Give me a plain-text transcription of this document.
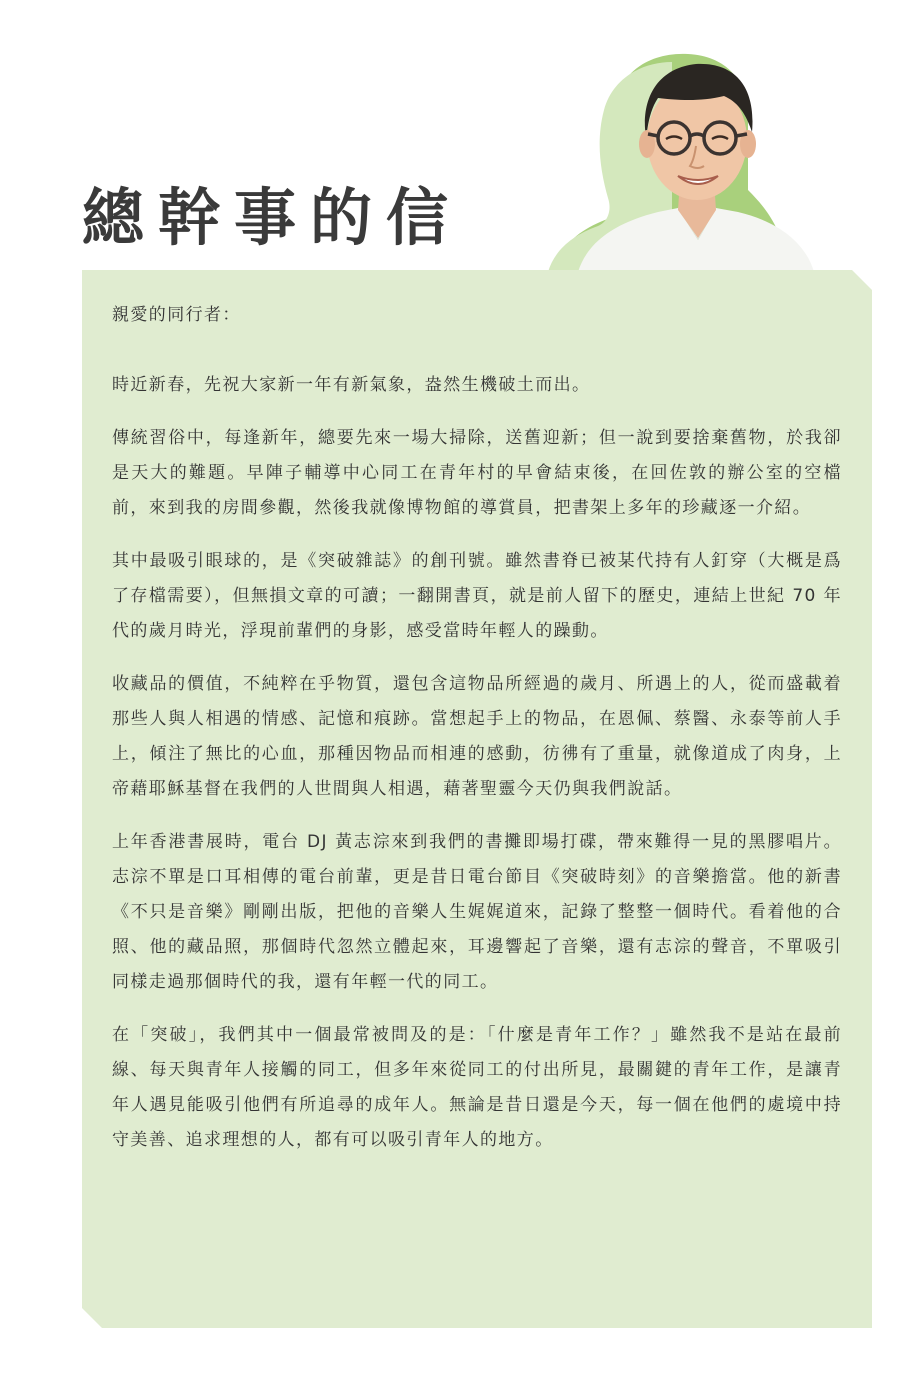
總幹事的信

親愛的同行者：

時近新春，先祝大家新一年有新氣象，盎然生機破土而出。

傳統習俗中，每逢新年，總要先來一場大掃除，送舊迎新；但一說到要捨棄舊物，於我卻是天大的難題。早陣子輔導中心同工在青年村的早會結束後，在回佐敦的辦公室的空檔前，來到我的房間參觀，然後我就像博物館的導賞員，把書架上多年的珍藏逐一介紹。

其中最吸引眼球的，是《突破雜誌》的創刊號。雖然書脊已被某代持有人釘穿（大概是爲了存檔需要），但無損文章的可讀；一翻開書頁，就是前人留下的歷史，連結上世紀 70 年代的歲月時光，浮現前輩們的身影，感受當時年輕人的躁動。

收藏品的價值，不純粹在乎物質，還包含這物品所經過的歲月、所遇上的人，從而盛載着那些人與人相遇的情感、記憶和痕跡。當想起手上的物品，在恩佩、蔡醫、永泰等前人手上，傾注了無比的心血，那種因物品而相連的感動，彷彿有了重量，就像道成了肉身，上帝藉耶穌基督在我們的人世間與人相遇，藉著聖靈今天仍與我們說話。

上年香港書展時，電台 DJ 黃志淙來到我們的書攤即場打碟，帶來難得一見的黑膠唱片。志淙不單是口耳相傳的電台前輩，更是昔日電台節目《突破時刻》的音樂擔當。他的新書《不只是音樂》剛剛出版，把他的音樂人生娓娓道來，記錄了整整一個時代。看着他的合照、他的藏品照，那個時代忽然立體起來，耳邊響起了音樂，還有志淙的聲音，不單吸引同樣走過那個時代的我，還有年輕一代的同工。

在「突破」，我們其中一個最常被問及的是：「什麼是青年工作？」雖然我不是站在最前線、每天與青年人接觸的同工，但多年來從同工的付出所見，最關鍵的青年工作，是讓青年人遇見能吸引他們有所追尋的成年人。無論是昔日還是今天，每一個在他們的處境中持守美善、追求理想的人，都有可以吸引青年人的地方。
